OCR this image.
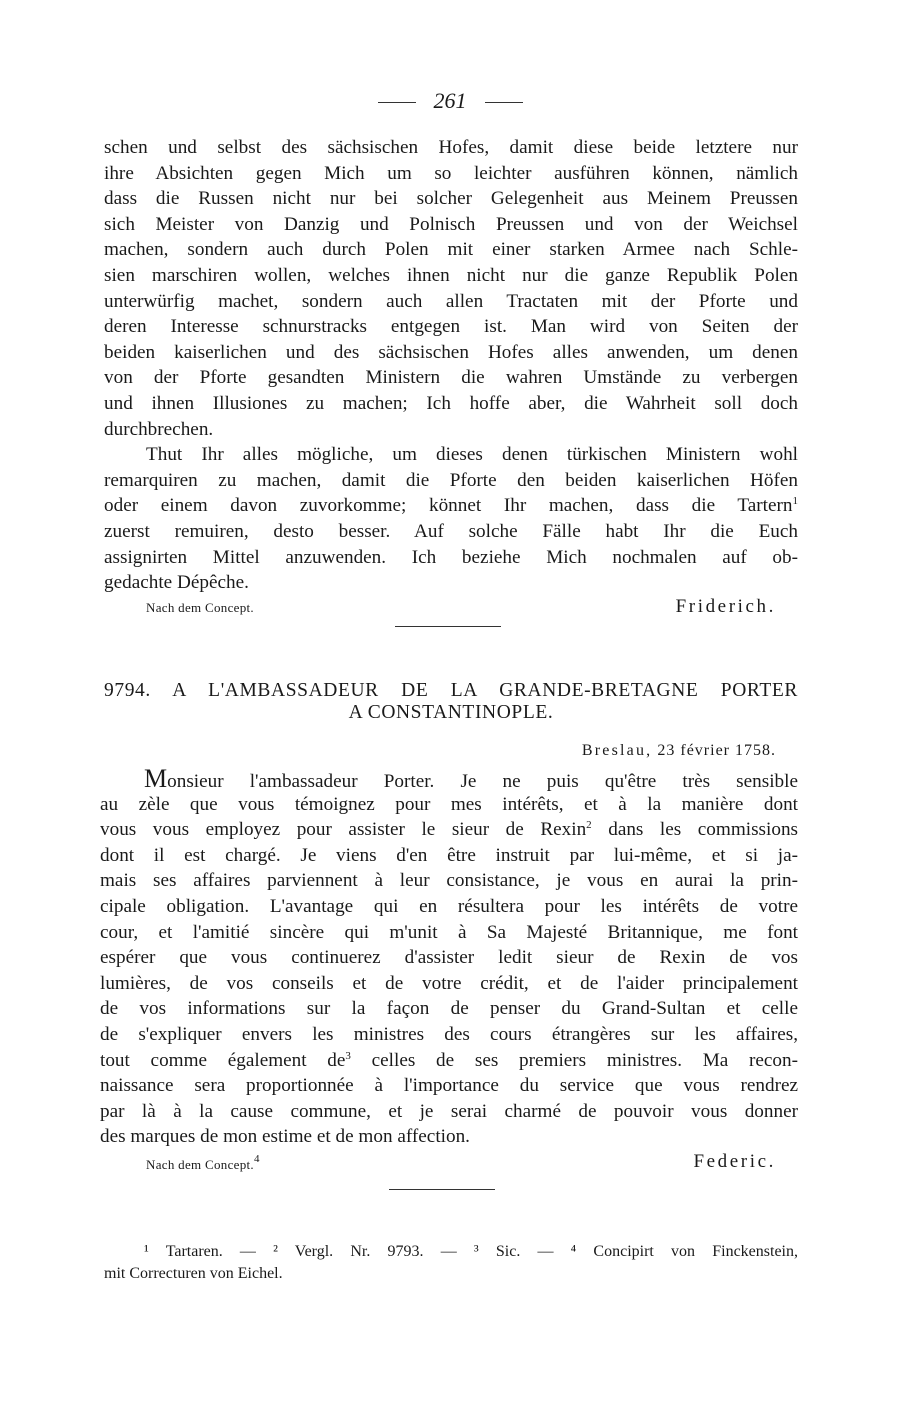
261
schen und selbst des sächsischen Hofes, damit diese beide letztere nur
ihre Absichten gegen Mich um so leichter ausführen können, nämlich
dass die Russen nicht nur bei solcher Gelegenheit aus Meinem Preussen
sich Meister von Danzig und Polnisch Preussen und von der Weichsel
machen, sondern auch durch Polen mit einer starken Armee nach Schle-
sien marschiren wollen, welches ihnen nicht nur die ganze Republik Polen
unterwürfig machet, sondern auch allen Tractaten mit der Pforte und
deren Interesse schnurstracks entgegen ist. Man wird von Seiten der
beiden kaiserlichen und des sächsischen Hofes alles anwenden, um denen
von der Pforte gesandten Ministern die wahren Umstände zu verbergen
und ihnen Illusiones zu machen; Ich hoffe aber, die Wahrheit soll doch
durchbrechen.
Thut Ihr alles mögliche, um dieses denen türkischen Ministern wohl
remarquiren zu machen, damit die Pforte den beiden kaiserlichen Höfen
oder einem davon zuvorkomme; könnet Ihr machen, dass die Tartern$^1$
zuerst remuiren, desto besser. Auf solche Fälle habt Ihr die Euch
assignirten Mittel anzuwenden. Ich beziehe Mich nochmalen auf ob-
gedachte Dépêche.
Nach dem Concept.	Friderich.
9794. A L'AMBASSADEUR DE LA GRANDE-BRETAGNE PORTER
A CONSTANTINOPLE.
Breslau, 23 février 1758.
Monsieur l'ambassadeur Porter. Je ne puis qu'être très sensible
au zèle que vous témoignez pour mes intérêts, et à la manière dont
vous vous employez pour assister le sieur de Rexin$^2$ dans les commissions
dont il est chargé. Je viens d'en être instruit par lui-même, et si ja-
mais ses affaires parviennent à leur consistance, je vous en aurai la prin-
cipale obligation. L'avantage qui en résultera pour les intérêts de votre
cour, et l'amitié sincère qui m'unit à Sa Majesté Britannique, me font
espérer que vous continuerez d'assister ledit sieur de Rexin de vos
lumières, de vos conseils et de votre crédit, et de l'aider principalement
de vos informations sur la façon de penser du Grand-Sultan et celle
de s'expliquer envers les ministres des cours étrangères sur les affaires,
tout comme également $de^3$ celles de ses premiers ministres. Ma recon-
naissance sera proportionnée à l'importance du service que vous rendrez
par là à la cause commune, et je serai charmé de pouvoir vous donner
des marques de mon estime et de mon affection.
Nach dem Concept.$^4$	Federic.
¹ Tartaren. — ² Vergl. Nr. 9793. — ³ Sic. — ⁴ Concipirt von Finckenstein,
mit Correcturen von Eichel.
